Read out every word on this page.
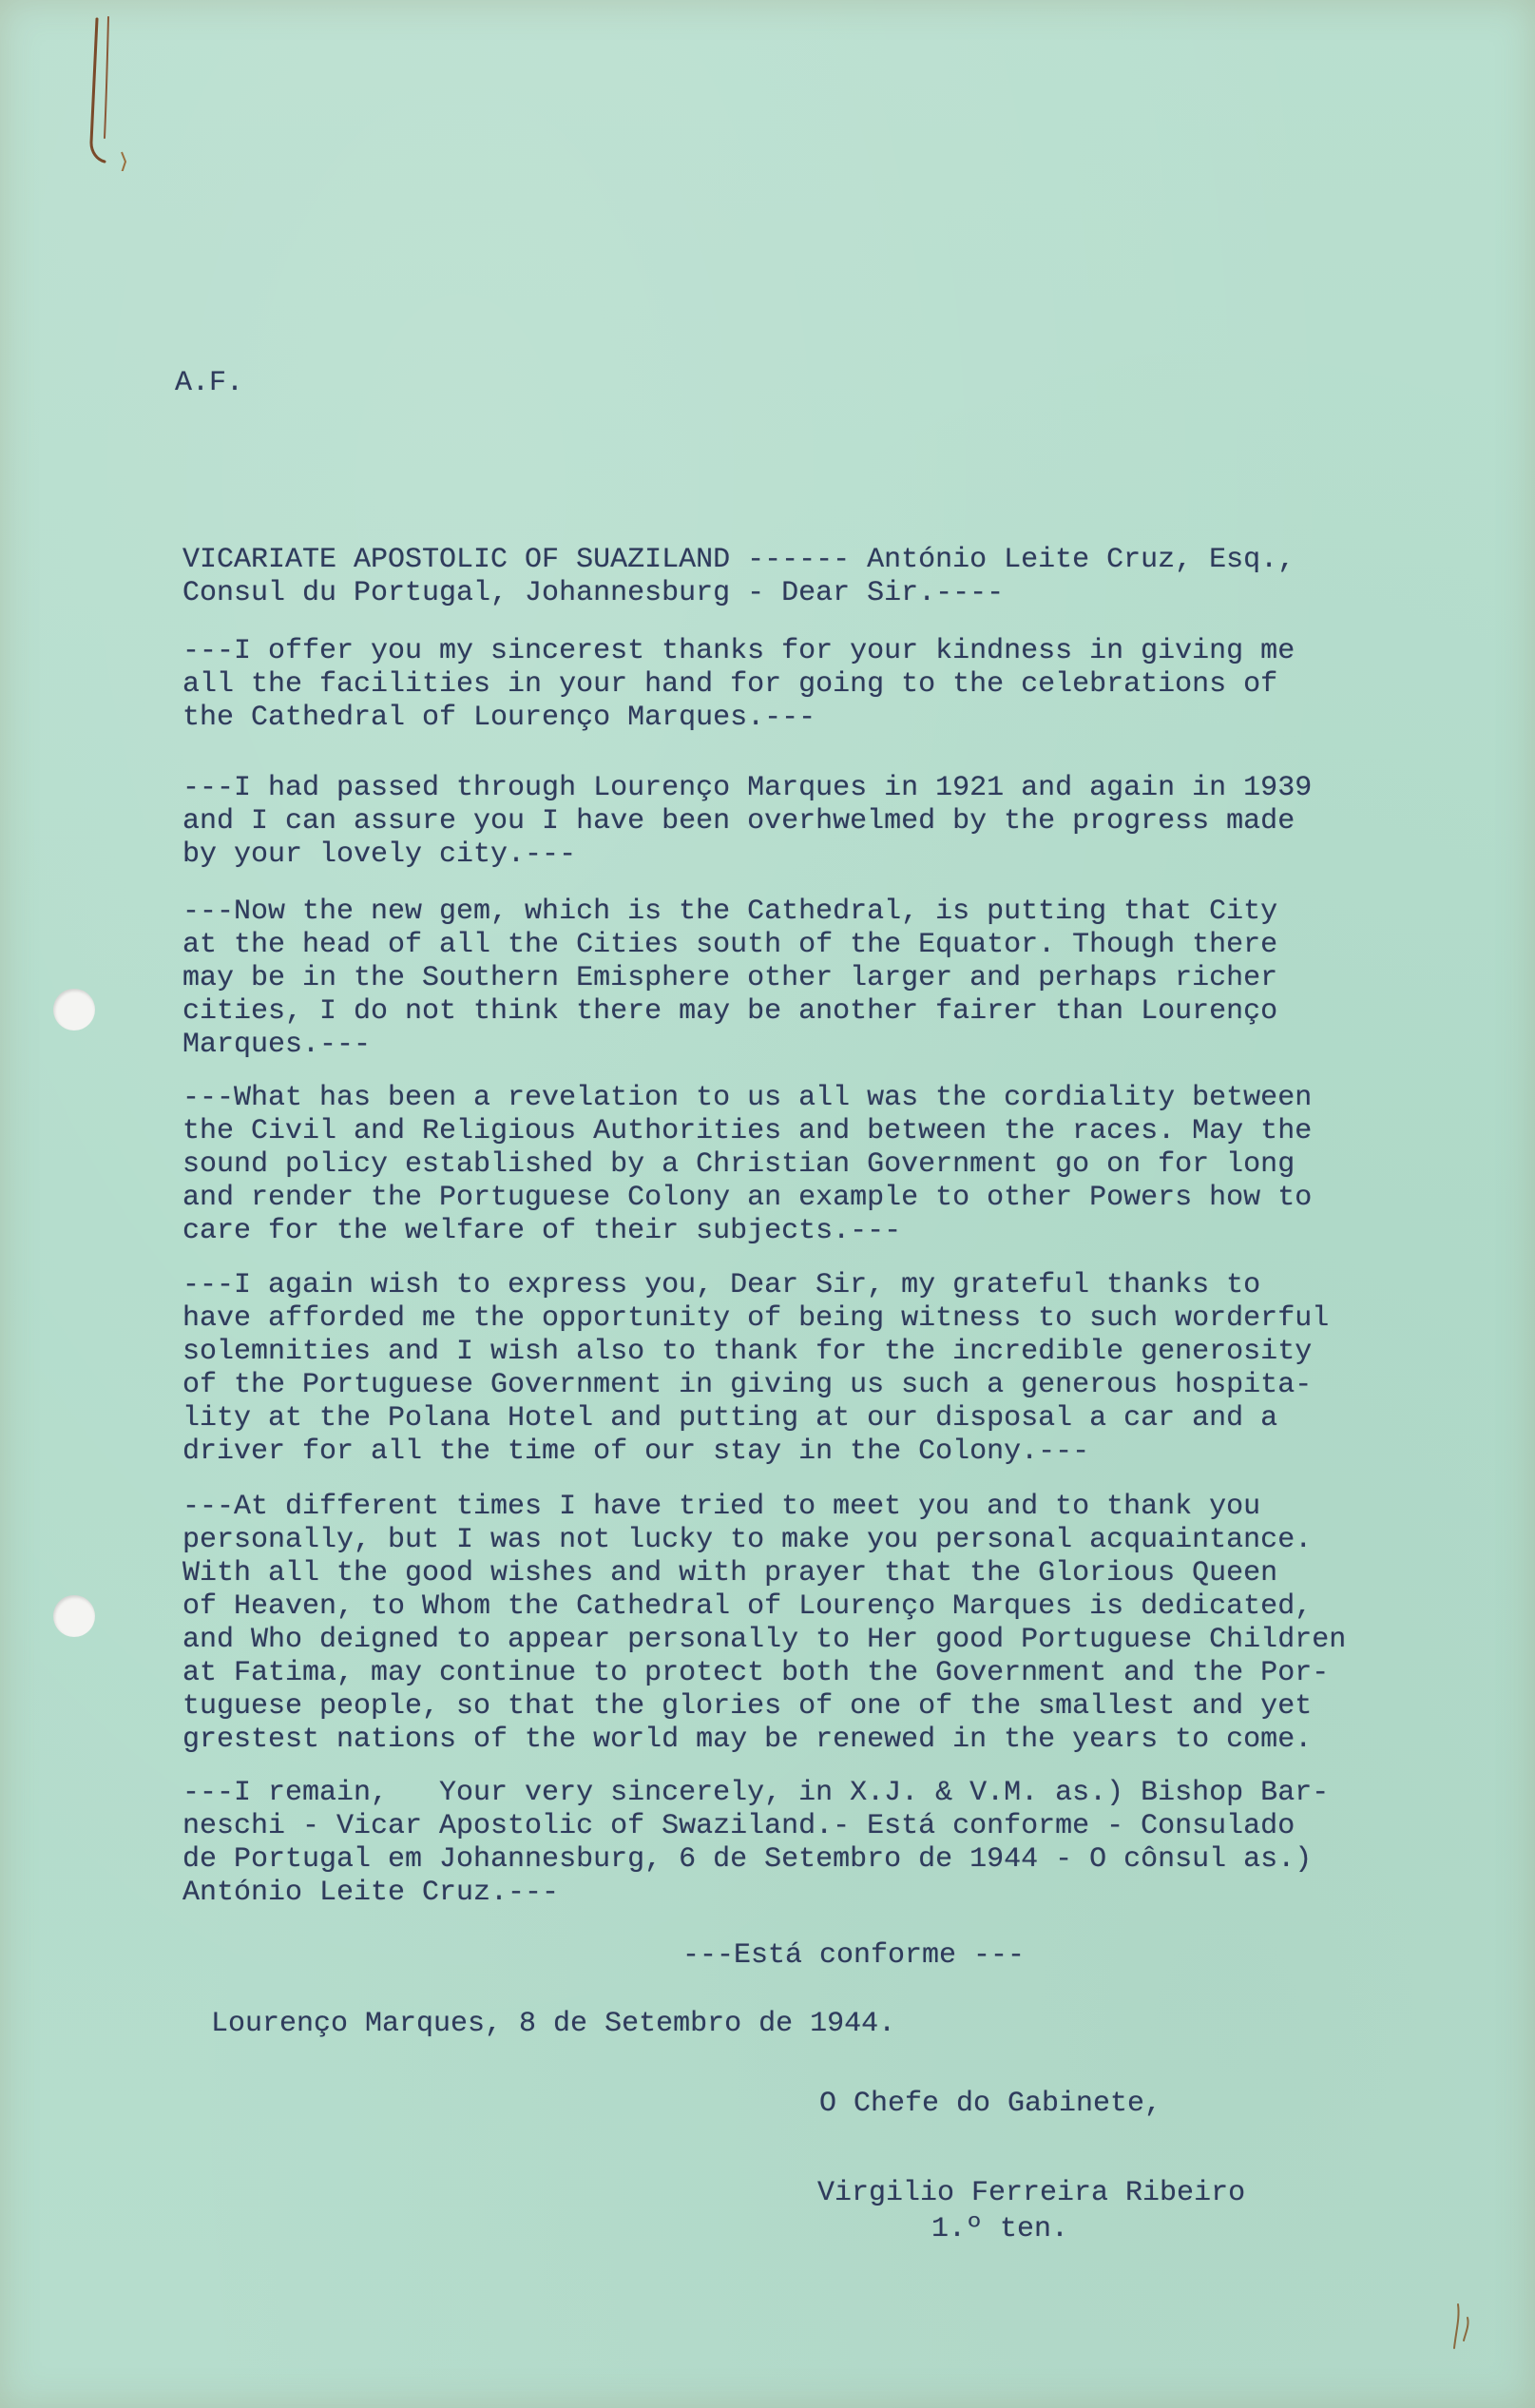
A.F.

VICARIATE APOSTOLIC OF SUAZILAND ------ António Leite Cruz, Esq.,
Consul du Portugal, Johannesburg - Dear Sir.----

---I offer you my sincerest thanks for your kindness in giving me
all the facilities in your hand for going to the celebrations of
the Cathedral of Lourenço Marques.---

---I had passed through Lourenço Marques in 1921 and again in 1939
and I can assure you I have been overhwelmed by the progress made
by your lovely city.---

---Now the new gem, which is the Cathedral, is putting that City
at the head of all the Cities south of the Equator. Though there
may be in the Southern Emisphere other larger and perhaps richer
cities, I do not think there may be another fairer than Lourenço
Marques.---

---What has been a revelation to us all was the cordiality between
the Civil and Religious Authorities and between the races. May the
sound policy established by a Christian Government go on for long
and render the Portuguese Colony an example to other Powers how to
care for the welfare of their subjects.---

---I again wish to express you, Dear Sir, my grateful thanks to
have afforded me the opportunity of being witness to such worderful
solemnities and I wish also to thank for the incredible generosity
of the Portuguese Government in giving us such a generous hospita-
lity at the Polana Hotel and putting at our disposal a car and a
driver for all the time of our stay in the Colony.---

---At different times I have tried to meet you and to thank you
personally, but I was not lucky to make you personal acquaintance.
With all the good wishes and with prayer that the Glorious Queen
of Heaven, to Whom the Cathedral of Lourenço Marques is dedicated,
and Who deigned to appear personally to Her good Portuguese Children
at Fatima, may continue to protect both the Government and the Por-
tuguese people, so that the glories of one of the smallest and yet
grestest nations of the world may be renewed in the years to come.

---I remain,   Your very sincerely, in X.J. & V.M. as.) Bishop Bar-
neschi - Vicar Apostolic of Swaziland.- Está conforme - Consulado
de Portugal em Johannesburg, 6 de Setembro de 1944 - O cônsul as.)
António Leite Cruz.---

---Está conforme ---

Lourenço Marques, 8 de Setembro de 1944.

O Chefe do Gabinete,

Virgilio Ferreira Ribeiro

1.º ten.
